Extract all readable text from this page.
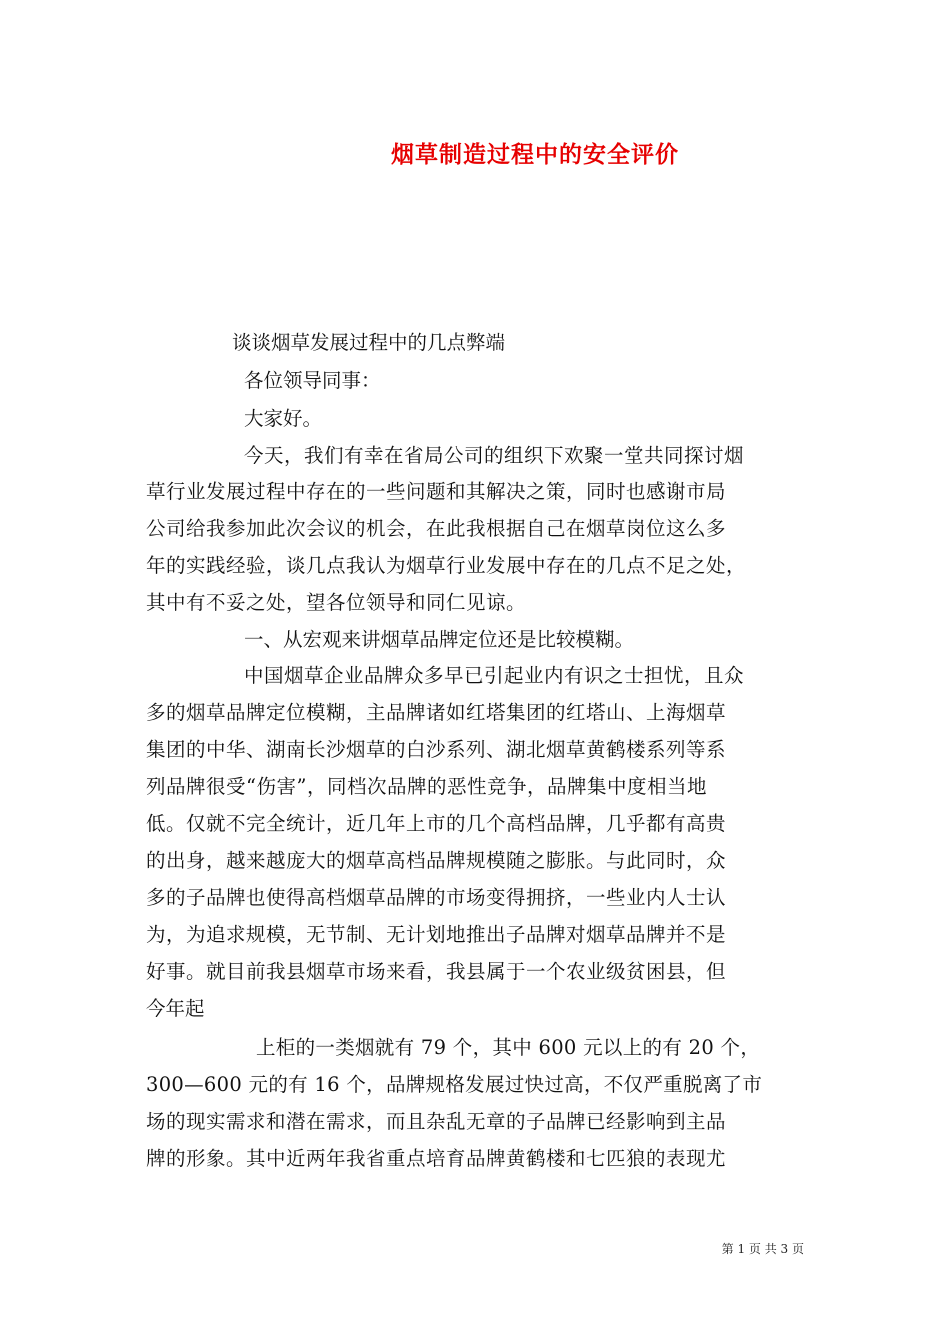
烟草制造过程中的安全评价
谈谈烟草发展过程中的几点弊端
各位领导同事：
大家好。
今天，我们有幸在省局公司的组织下欢聚一堂共同探讨烟
草行业发展过程中存在的一些问题和其解决之策，同时也感谢市局
公司给我参加此次会议的机会，在此我根据自己在烟草岗位这么多
年的实践经验，谈几点我认为烟草行业发展中存在的几点不足之处，
其中有不妥之处，望各位领导和同仁见谅。
一、从宏观来讲烟草品牌定位还是比较模糊。
中国烟草企业品牌众多早已引起业内有识之士担忧，且众
多的烟草品牌定位模糊，主品牌诸如红塔集团的红塔山、上海烟草
集团的中华、湖南长沙烟草的白沙系列、湖北烟草黄鹤楼系列等系
列品牌很受“伤害”，同档次品牌的恶性竞争，品牌集中度相当地
低。仅就不完全统计，近几年上市的几个高档品牌，几乎都有高贵
的出身，越来越庞大的烟草高档品牌规模随之膨胀。与此同时，众
多的子品牌也使得高档烟草品牌的市场变得拥挤，一些业内人士认
为，为追求规模，无节制、无计划地推出子品牌对烟草品牌并不是
好事。就目前我县烟草市场来看，我县属于一个农业级贫困县，但
今年起
上柜的一类烟就有 79 个，其中 600 元以上的有 20 个，
300—600 元的有 16 个，品牌规格发展过快过高，不仅严重脱离了市
场的现实需求和潜在需求，而且杂乱无章的子品牌已经影响到主品
牌的形象。其中近两年我省重点培育品牌黄鹤楼和七匹狼的表现尤
第 1 页 共 3 页
